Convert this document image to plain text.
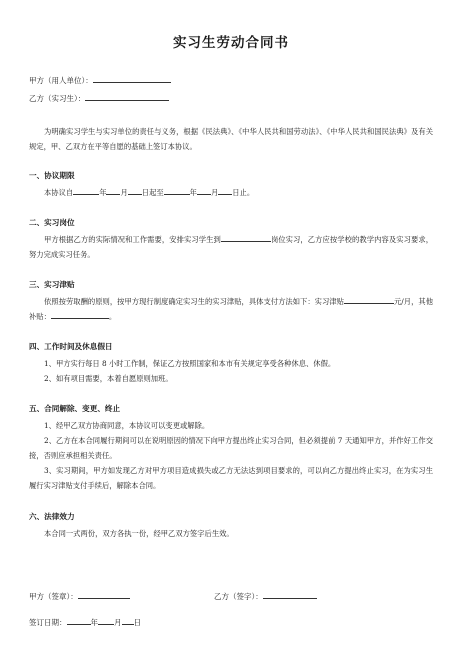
实习生劳动合同书
甲方（用人单位）：
乙方（实习生）：

为明确实习学生与实习单位的责任与义务，根据《民法典》、《中华人民共和国劳动法》、《中华人民共和国民法典》及有关规定，甲、乙双方在平等自愿的基础上签订本协议。

一、协议期限

本协议自	年 月 日起至	年 月 日止。

二、实习岗位

甲方根据乙方的实际情况和工作需要，安排实习学生到	岗位实习，乙方应按学校的教学内容及实习要求，努力完成实习任务。

三、实习津贴

依照按劳取酬的原则，按甲方现行制度确定实习生的实习津贴，具体支付方法如下：实习津贴	元/月，其他补贴：	。

四、工作时间及休息假日

1、甲方实行每日 8 小时工作制，保证乙方按照国家和本市有关规定享受各种休息、休假。

2、如有项目需要，本着自愿原则加班。

五、合同解除、变更、终止

1、经甲乙双方协商同意，本协议可以变更或解除。

2、乙方在本合同履行期间可以在说明原因的情况下向甲方提出终止实习合同，但必须提前 7 天通知甲方，并作好工作交接，否则应承担相关责任。

3、实习期间，甲方如发现乙方对甲方项目造成损失或乙方无法达到项目要求的，可以向乙方提出终止实习，在为实习生履行实习津贴支付手续后，解除本合同。

六、法律效力

本合同一式两份，双方各执一份，经甲乙双方签字后生效。

甲方（签章）：	乙方（签字）：
签订日期：	年 月 日
